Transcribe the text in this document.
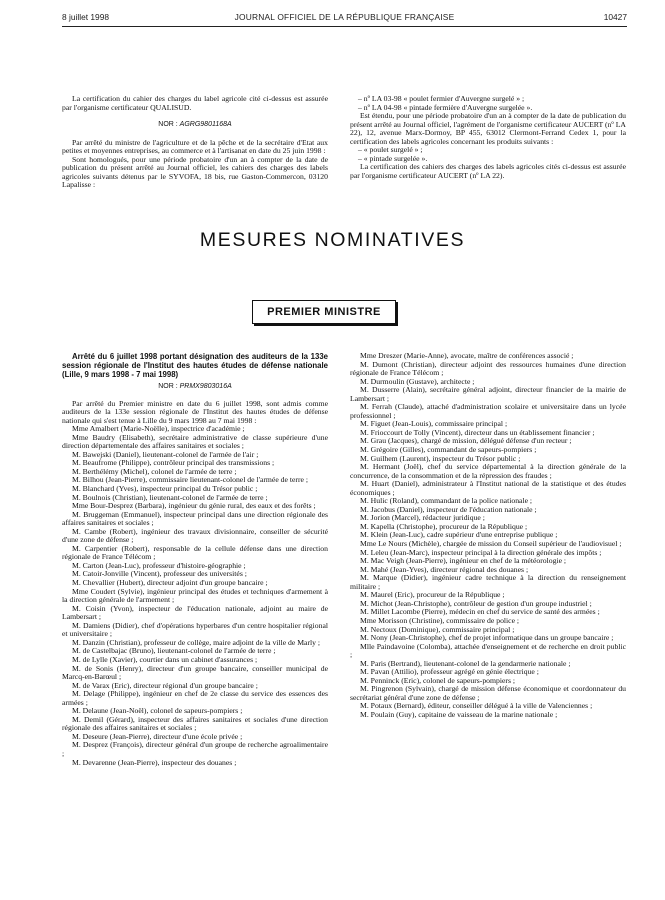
8 juillet 1998	JOURNAL OFFICIEL DE LA RÉPUBLIQUE FRANÇAISE	10427

La certification du cahier des charges du label agricole cité ci-dessus est assurée par l'organisme certificateur QUALISUD.

NOR : AGRG9801168A

Par arrêté du ministre de l'agriculture et de la pêche et de la secrétaire d'Etat aux petites et moyennes entreprises, au commerce et à l'artisanat en date du 25 juin 1998 :

Sont homologués, pour une période probatoire d'un an à compter de la date de publication du présent arrêté au Journal officiel, les cahiers des charges des labels agricoles suivants détenus par le SYVOFA, 18 bis, rue Gaston-Commercon, 03120 Lapalisse :

– nº LA 03-98 « poulet fermier d'Auvergne surgelé » ;

– nº LA 04-98 « pintade fermière d'Auvergne surgelée ».

Est étendu, pour une période probatoire d'un an à compter de la date de publication du présent arrêté au Journal officiel, l'agrément de l'organisme certificateur AUCERT (nº LA 22), 12, avenue Marx-Dormoy, BP 455, 63012 Clermont-Ferrand Cedex 1, pour la certification des labels agricoles concernant les produits suivants :

– « poulet surgelé » ;

– « pintade surgelée ».

La certification des cahiers des charges des labels agricoles cités ci-dessus est assurée par l'organisme certificateur AUCERT (nº LA 22).

MESURES NOMINATIVES
PREMIER MINISTRE

Arrêté du 6 juillet 1998 portant désignation des auditeurs de la 133e session régionale de l'Institut des hautes études de défense nationale (Lille, 9 mars 1998 - 7 mai 1998)

NOR : PRMX9803016A

Par arrêté du Premier ministre en date du 6 juillet 1998, sont admis comme auditeurs de la 133e session régionale de l'Institut des hautes études de défense nationale qui s'est tenue à Lille du 9 mars 1998 au 7 mai 1998 :

Mme Amalbert (Marie-Noëlle), inspectrice d'académie ;

Mme Baudry (Elisabeth), secrétaire administrative de classe supérieure d'une direction départementale des affaires sanitaires et sociales ;

M. Bawejski (Daniel), lieutenant-colonel de l'armée de l'air ;

M. Beaufrome (Philippe), contrôleur principal des transmissions ;

M. Berthélémy (Michel), colonel de l'armée de terre ;

M. Bilhou (Jean-Pierre), commissaire lieutenant-colonel de l'armée de terre ;

M. Blanchard (Yves), inspecteur principal du Trésor public ;

M. Boulnois (Christian), lieutenant-colonel de l'armée de terre ;

Mme Bour-Desprez (Barbara), ingénieur du génie rural, des eaux et des forêts ;

M. Bruggeman (Emmanuel), inspecteur principal dans une direction régionale des affaires sanitaires et sociales ;

M. Cambe (Robert), ingénieur des travaux divisionnaire, conseiller de sécurité d'une zone de défense ;

M. Carpentier (Robert), responsable de la cellule défense dans une direction régionale de France Télécom ;

M. Carton (Jean-Luc), professeur d'histoire-géographie ;

M. Catoir-Jonville (Vincent), professeur des universités ;

M. Chevallier (Hubert), directeur adjoint d'un groupe bancaire ;

Mme Coudert (Sylvie), ingénieur principal des études et techniques d'armement à la direction générale de l'armement ;

M. Coisin (Yvon), inspecteur de l'éducation nationale, adjoint au maire de Lambersart ;

M. Damiens (Didier), chef d'opérations hyperbares d'un centre hospitalier régional et universitaire ;

M. Danzin (Christian), professeur de collège, maire adjoint de la ville de Marly ;

M. de Castelbajac (Bruno), lieutenant-colonel de l'armée de terre ;

M. de Lylle (Xavier), courtier dans un cabinet d'assurances ;

M. de Sonis (Henry), directeur d'un groupe bancaire, conseiller municipal de Marcq-en-Barœul ;

M. de Varax (Eric), directeur régional d'un groupe bancaire ;

M. Delage (Philippe), ingénieur en chef de 2e classe du service des essences des armées ;

M. Delaune (Jean-Noël), colonel de sapeurs-pompiers ;

M. Demil (Gérard), inspecteur des affaires sanitaires et sociales d'une direction régionale des affaires sanitaires et sociales ;

M. Deseure (Jean-Pierre), directeur d'une école privée ;

M. Desprez (François), directeur général d'un groupe de recherche agroalimentaire ;

M. Devarenne (Jean-Pierre), inspecteur des douanes ;

Mme Dreszer (Marie-Anne), avocate, maître de conférences associé ;

M. Dumont (Christian), directeur adjoint des ressources humaines d'une direction régionale de France Télécom ;

M. Durmoulin (Gustave), architecte ;

M. Dusserre (Alain), secrétaire général adjoint, directeur financier de la mairie de Lambersart ;

M. Ferrah (Claude), attaché d'administration scolaire et universitaire dans un lycée professionnel ;

M. Figuet (Jean-Louis), commissaire principal ;

M. Frioccourt de Tolly (Vincent), directeur dans un établissement financier ;

M. Grau (Jacques), chargé de mission, délégué défense d'un recteur ;

M. Grégoire (Gilles), commandant de sapeurs-pompiers ;

M. Guilhem (Laurent), inspecteur du Trésor public ;

M. Hermant (Joël), chef du service départemental à la direction générale de la concurrence, de la consommation et de la répression des fraudes ;

M. Huart (Daniel), administrateur à l'Institut national de la statistique et des études économiques ;

M. Hulic (Roland), commandant de la police nationale ;

M. Jacobus (Daniel), inspecteur de l'éducation nationale ;

M. Jorion (Marcel), rédacteur juridique ;

M. Kapella (Christophe), procureur de la République ;

M. Klein (Jean-Luc), cadre supérieur d'une entreprise publique ;

Mme Le Nours (Michèle), chargée de mission du Conseil supérieur de l'audiovisuel ;

M. Leleu (Jean-Marc), inspecteur principal à la direction générale des impôts ;

M. Mac Veigh (Jean-Pierre), ingénieur en chef de la météorologie ;

M. Mahé (Jean-Yves), directeur régional des douanes ;

M. Marque (Didier), ingénieur cadre technique à la direction du renseignement militaire ;

M. Maurel (Eric), procureur de la République ;

M. Michot (Jean-Christophe), contrôleur de gestion d'un groupe industriel ;

M. Millet Lacombe (Pierre), médecin en chef du service de santé des armées ;

Mme Morisson (Christine), commissaire de police ;

M. Nectoux (Dominique), commissaire principal ;

M. Nony (Jean-Christophe), chef de projet informatique dans un groupe bancaire ;

Mlle Paindavoine (Colomba), attachée d'enseignement et de recherche en droit public ;

M. Paris (Bertrand), lieutenant-colonel de la gendarmerie nationale ;

M. Pavan (Attilio), professeur agrégé en génie électrique ;

M. Penninck (Eric), colonel de sapeurs-pompiers ;

M. Pingrenon (Sylvain), chargé de mission défense économique et coordonnateur du secrétariat général d'une zone de défense ;

M. Potaux (Bernard), éditeur, conseiller délégué à la ville de Valenciennes ;

M. Poulain (Guy), capitaine de vaisseau de la marine nationale ;
